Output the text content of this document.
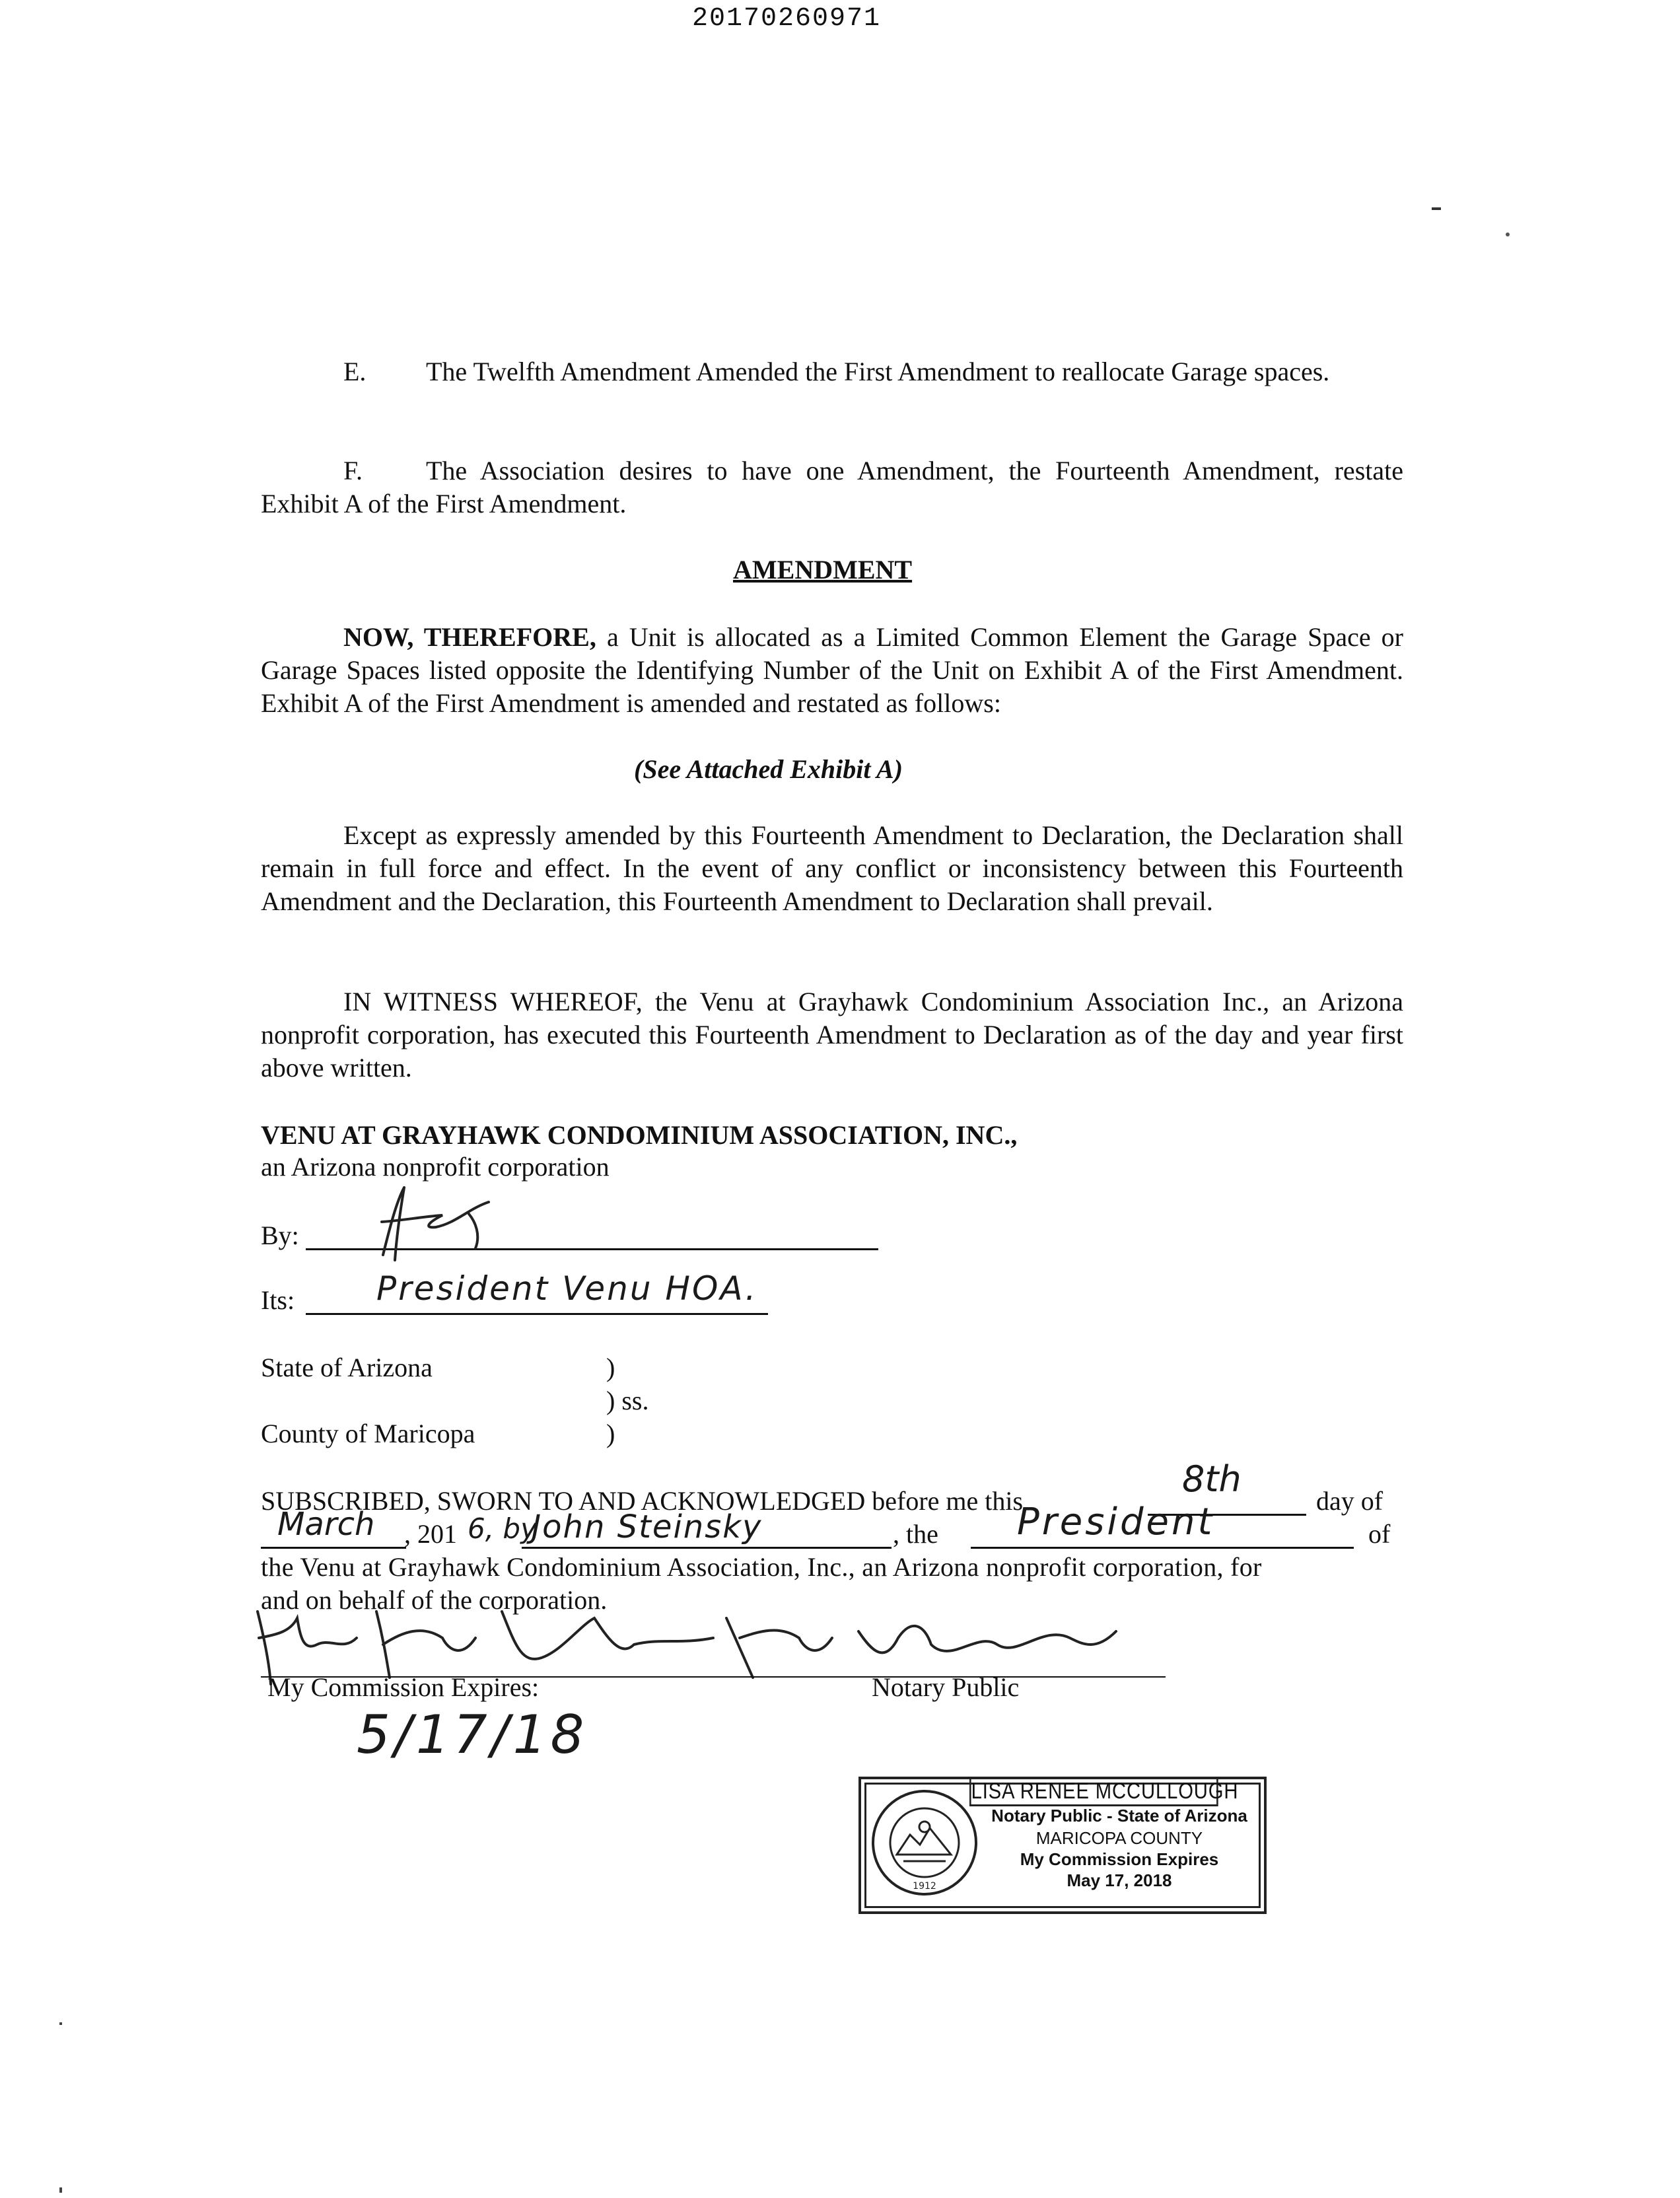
20170260971

E. The Twelfth Amendment Amended the First Amendment to reallocate Garage spaces.

F. The Association desires to have one Amendment, the Fourteenth Amendment, restate Exhibit A of the First Amendment.

AMENDMENT

NOW, THEREFORE, a Unit is allocated as a Limited Common Element the Garage Space or Garage Spaces listed opposite the Identifying Number of the Unit on Exhibit A of the First Amendment. Exhibit A of the First Amendment is amended and restated as follows:

(See Attached Exhibit A)

Except as expressly amended by this Fourteenth Amendment to Declaration, the Declaration shall remain in full force and effect. In the event of any conflict or inconsistency between this Fourteenth Amendment and the Declaration, this Fourteenth Amendment to Declaration shall prevail.

IN WITNESS WHEREOF, the Venu at Grayhawk Condominium Association Inc., an Arizona nonprofit corporation, has executed this Fourteenth Amendment to Declaration as of the day and year first above written.

VENU AT GRAYHAWK CONDOMINIUM ASSOCIATION, INC.,
an Arizona nonprofit corporation
By:
Its: President Venu HOA.
State of Arizona	)
) ss.
County of Maricopa	)
SUBSCRIBED, SWORN TO AND ACKNOWLEDGED before me this
8th
day of
March , 201 6, by
John Steinsky	, the President	of
the Venu at Grayhawk Condominium Association, Inc., an Arizona nonprofit corporation, for
and on behalf of the corporation.
My Commission Expires:	Notary Public
5/17/18
1912
LISA RENEE MCCULLOUGH
Notary Public - State of Arizona
MARICOPA COUNTY
My Commission Expires
May 17, 2018
